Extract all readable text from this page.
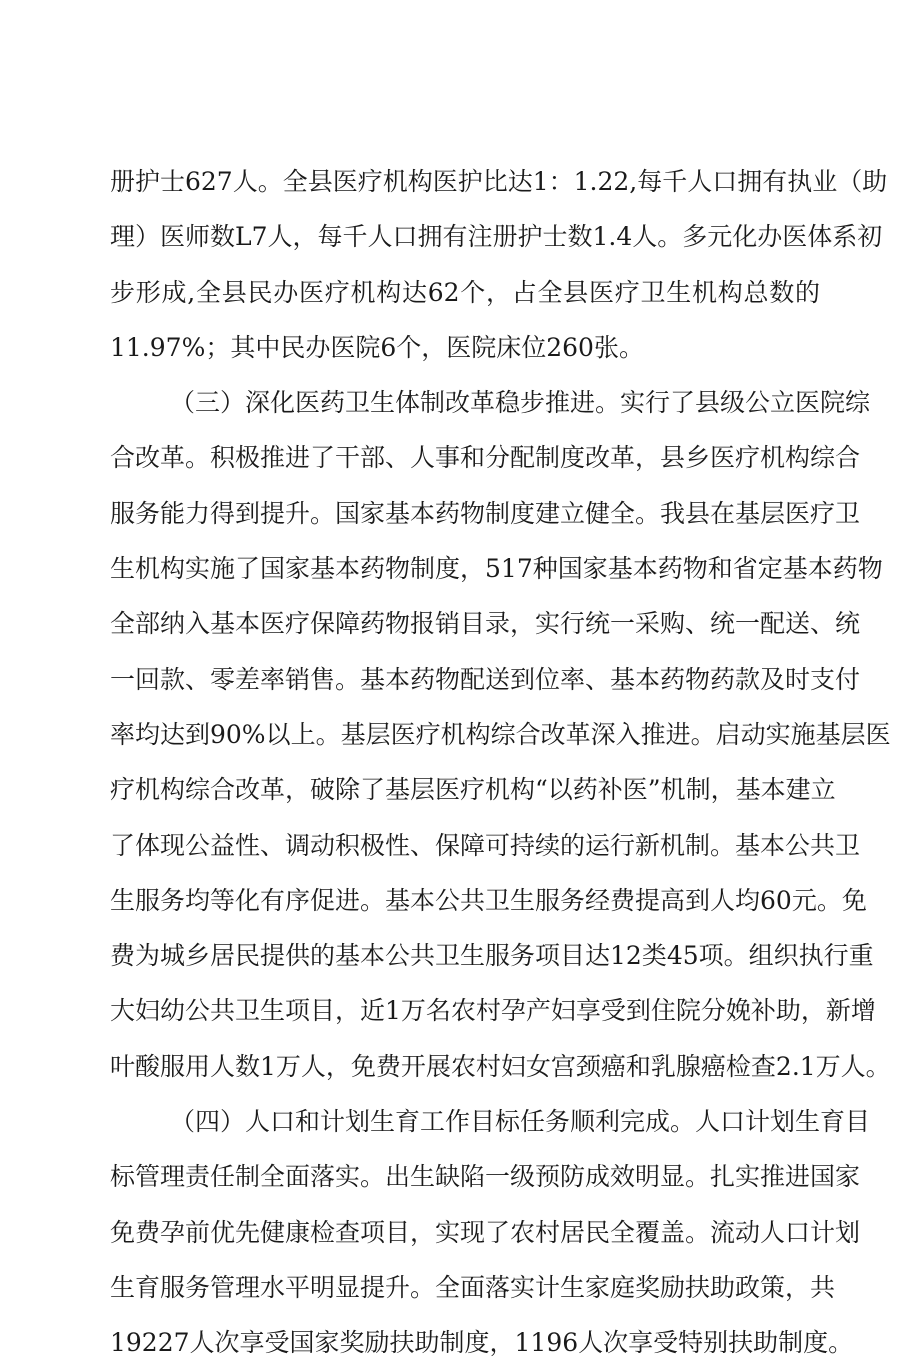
册护士627人。全县医疗机构医护比达1：1.22,每千人口拥有执业（助
理）医师数L7人，每千人口拥有注册护士数1.4人。多元化办医体系初
步形成,全县民办医疗机构达62个，占全县医疗卫生机构总数的
11.97%；其中民办医院6个，医院床位260张。
（三）深化医药卫生体制改革稳步推进。实行了县级公立医院综
合改革。积极推进了干部、人事和分配制度改革，县乡医疗机构综合
服务能力得到提升。国家基本药物制度建立健全。我县在基层医疗卫
生机构实施了国家基本药物制度，517种国家基本药物和省定基本药物
全部纳入基本医疗保障药物报销目录，实行统一采购、统一配送、统
一回款、零差率销售。基本药物配送到位率、基本药物药款及时支付
率均达到90%以上。基层医疗机构综合改革深入推进。启动实施基层医
疗机构综合改革，破除了基层医疗机构“以药补医”机制，基本建立
了体现公益性、调动积极性、保障可持续的运行新机制。基本公共卫
生服务均等化有序促进。基本公共卫生服务经费提高到人均60元。免
费为城乡居民提供的基本公共卫生服务项目达12类45项。组织执行重
大妇幼公共卫生项目，近1万名农村孕产妇享受到住院分娩补助，新增
叶酸服用人数1万人，免费开展农村妇女宫颈癌和乳腺癌检查2.1万人。
（四）人口和计划生育工作目标任务顺利完成。人口计划生育目
标管理责任制全面落实。出生缺陷一级预防成效明显。扎实推进国家
免费孕前优先健康检查项目，实现了农村居民全覆盖。流动人口计划
生育服务管理水平明显提升。全面落实计生家庭奖励扶助政策，共
19227人次享受国家奖励扶助制度，1196人次享受特别扶助制度。
